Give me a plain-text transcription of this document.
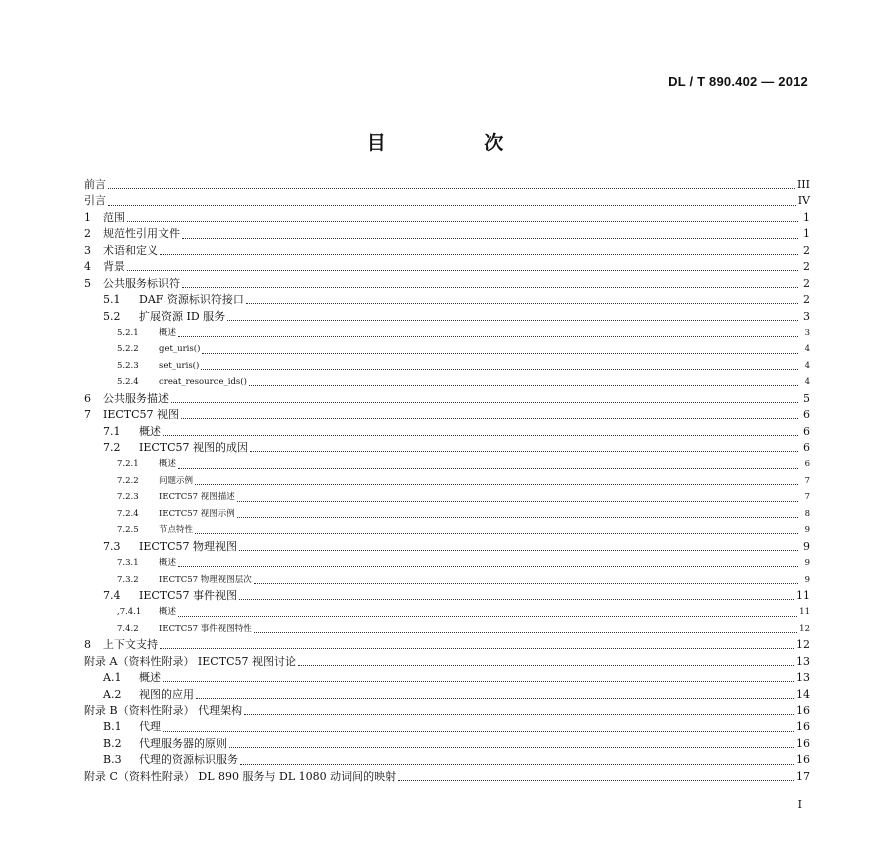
DL / T 890.402 — 2012
目 次
前言	III
引言	IV
1	范围	1
2	规范性引用文件	1
3	术语和定义	2
4	背景	2
5	公共服务标识符	2
5.1	DAF 资源标识符接口	2
5.2	扩展资源 ID 服务	3
5.2.1	概述	3
5.2.2	get_uris()	4
5.2.3	set_uris()	4
5.2.4	creat_resource_ids()	4
6	公共服务描述	5
7	IECTC57 视图	6
7.1	概述	6
7.2	IECTC57 视图的成因	6
7.2.1	概述	6
7.2.2	问题示例	7
7.2.3	IECTC57 视图描述	7
7.2.4	IECTC57 视图示例	8
7.2.5	节点特性	9
7.3	IECTC57 物理视图	9
7.3.1	概述	9
7.3.2	IECTC57 物理视图层次	9
7.4	IECTC57 事件视图	11
,7.4.1	概述	11
7.4.2	IECTC57 事件视图特性	12
8	上下文支持	12
附录 A（资料性附录） IECTC57 视图讨论	13
A.1	概述	13
A.2	视图的应用	14
附录 B（资料性附录） 代理架构	16
B.1	代理	16
B.2	代理服务器的原则	16
B.3	代理的资源标识服务	16
附录 C（资料性附录） DL 890 服务与 DL 1080 动词间的映射	17
I
